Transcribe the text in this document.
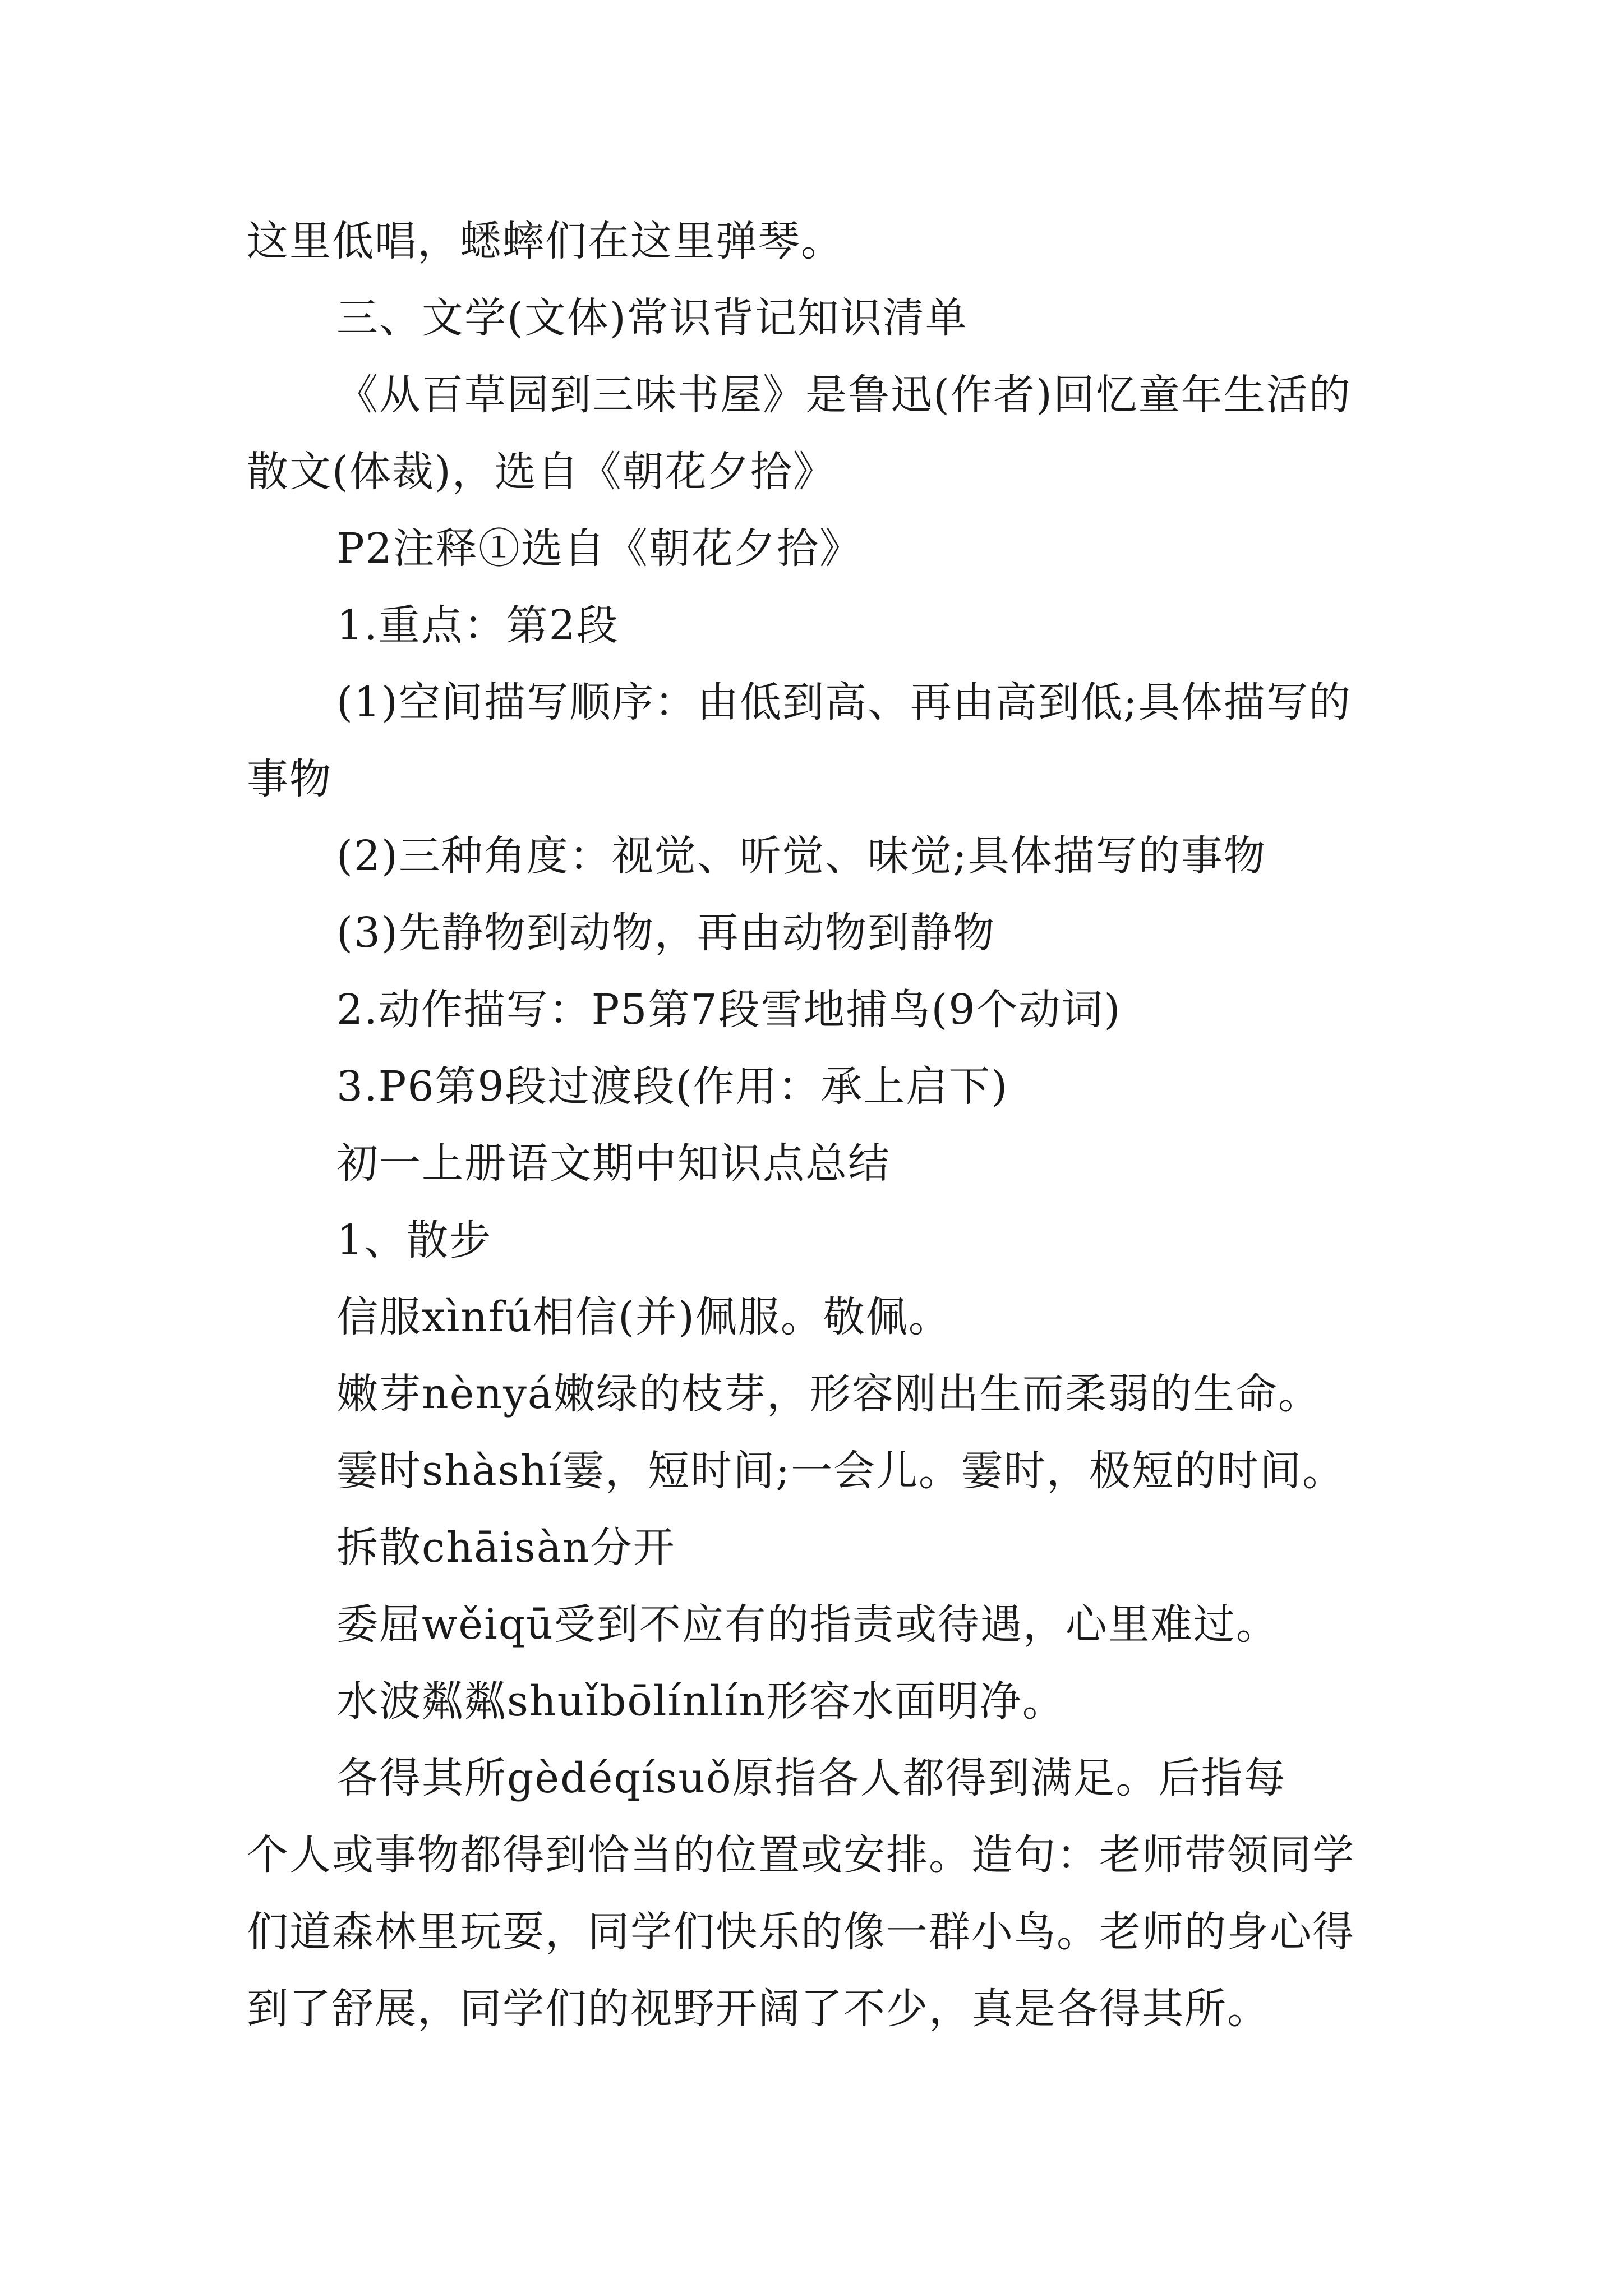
这里低唱，蟋蟀们在这里弹琴。

三、文学(文体)常识背记知识清单

《从百草园到三味书屋》是鲁迅(作者)回忆童年生活的

散文(体裁)，选自《朝花夕拾》

P2注释①选自《朝花夕拾》

1.重点：第2段

(1)空间描写顺序：由低到高、再由高到低;具体描写的

事物

(2)三种角度：视觉、听觉、味觉;具体描写的事物

(3)先静物到动物，再由动物到静物

2.动作描写：P5第7段雪地捕鸟(9个动词)

3.P6第9段过渡段(作用：承上启下)

初一上册语文期中知识点总结

1、散步

信服xìnfú相信(并)佩服。敬佩。

嫩芽nènyá嫩绿的枝芽，形容刚出生而柔弱的生命。

霎时shàshí霎，短时间;一会儿。霎时，极短的时间。

拆散chāisàn分开

委屈wěiqū受到不应有的指责或待遇，心里难过。

水波粼粼shuǐbōlínlín形容水面明净。

各得其所gèdéqísuǒ原指各人都得到满足。后指每

个人或事物都得到恰当的位置或安排。造句：老师带领同学

们道森林里玩耍，同学们快乐的像一群小鸟。老师的身心得

到了舒展，同学们的视野开阔了不少，真是各得其所。
